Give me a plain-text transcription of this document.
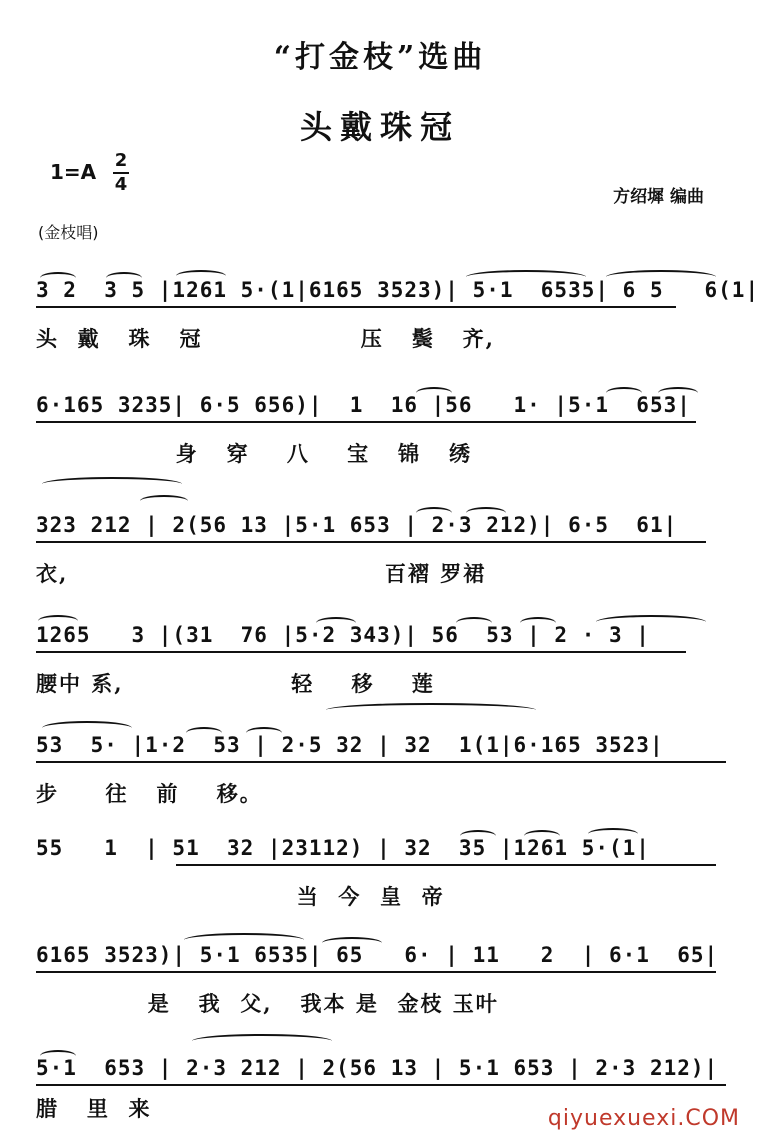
“打金枝”选曲
头戴珠冠
1=A 2
4
方绍墀 编曲
(金枝唱)
3 2  3 5 |1261 5·(1|6165 3523)| 5·1  6535| 6 5   6(1|
头  戴   珠   冠                 压   鬓   齐,
6·165 3235| 6·5 656)|  1  16 |56   1· |5·1  653|
身   穿    八    宝   锦   绣
323 212 | 2(56 13 |5·1 653 | 2·3 212)| 6·5  61|
衣,                                  百褶 罗裙
1265   3 |(31  76 |5·2 343)| 56  53 | 2 · 3 |
腰中 系,                  轻    移    莲
53  5· |1·2  53 | 2·5 32 | 32  1(1|6·165 3523|
步     往   前    移。
55   1  | 51  32 |23112) | 32  35 |1261 5·(1|
当  今  皇  帝
6165 3523)| 5·1 6535| 65   6· | 11   2  | 6·1  65|
是   我  父,   我本 是  金枝 玉叶
5·1  653 | 2·3 212 | 2(56 13 | 5·1 653 | 2·3 212)|
腊   里  来	qiyuexuexi.COM
